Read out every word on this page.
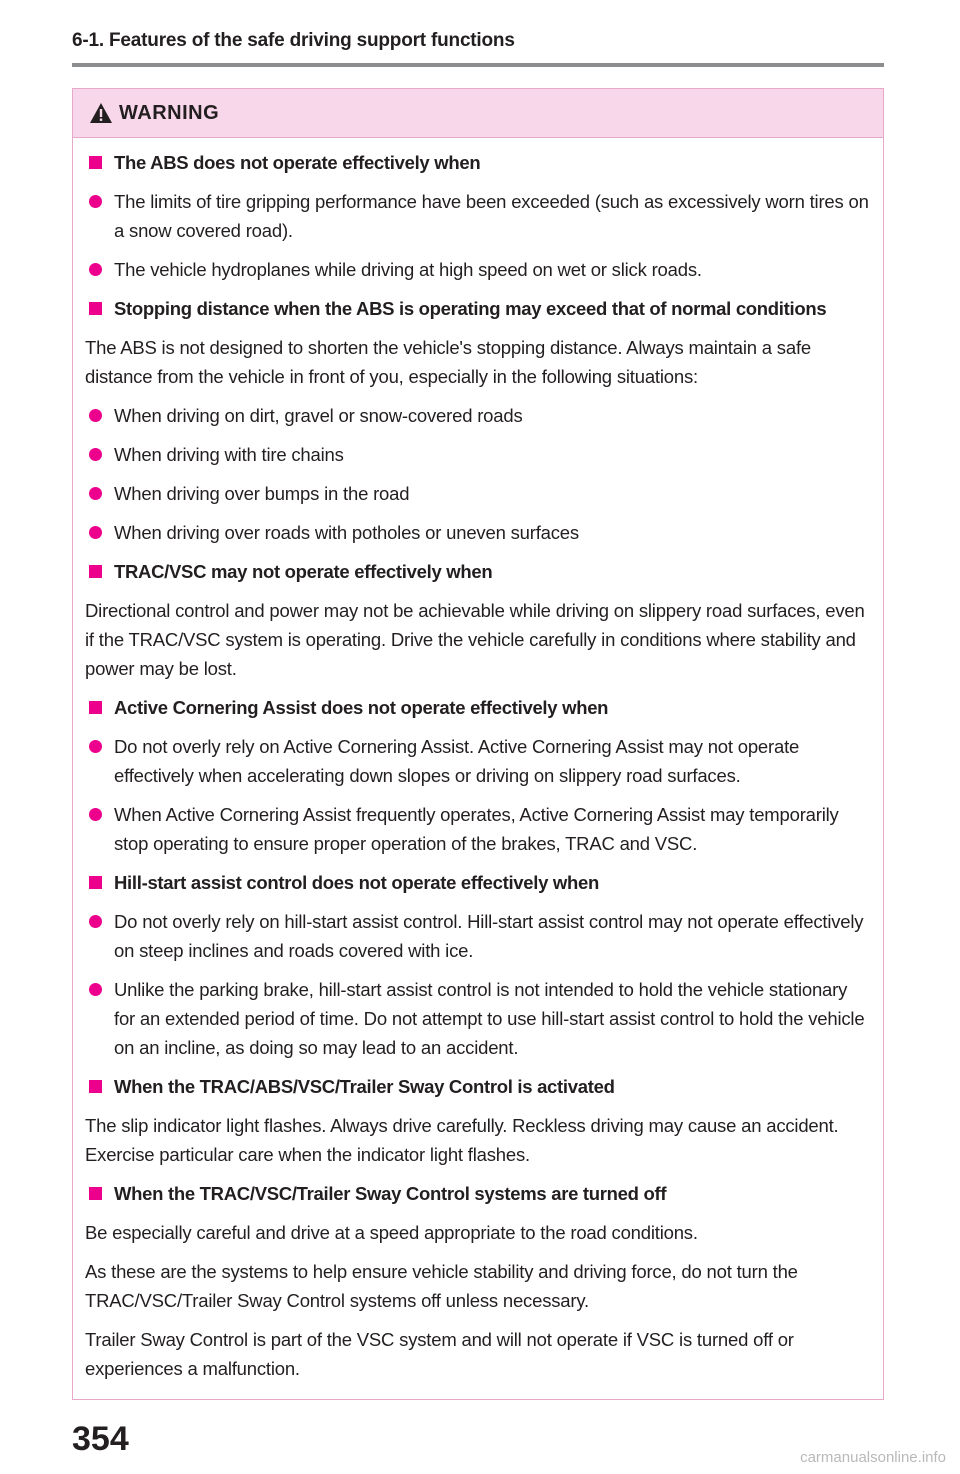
6-1. Features of the safe driving support functions
WARNING
The ABS does not operate effectively when
The limits of tire gripping performance have been exceeded (such as excessively worn tires on a snow covered road).
The vehicle hydroplanes while driving at high speed on wet or slick roads.
Stopping distance when the ABS is operating may exceed that of normal conditions
The ABS is not designed to shorten the vehicle's stopping distance. Always maintain a safe distance from the vehicle in front of you, especially in the following situations:
When driving on dirt, gravel or snow-covered roads
When driving with tire chains
When driving over bumps in the road
When driving over roads with potholes or uneven surfaces
TRAC/VSC may not operate effectively when
Directional control and power may not be achievable while driving on slippery road surfaces, even if the TRAC/VSC system is operating. Drive the vehicle carefully in conditions where stability and power may be lost.
Active Cornering Assist does not operate effectively when
Do not overly rely on Active Cornering Assist. Active Cornering Assist may not operate effectively when accelerating down slopes or driving on slippery road surfaces.
When Active Cornering Assist frequently operates, Active Cornering Assist may temporarily stop operating to ensure proper operation of the brakes, TRAC and VSC.
Hill-start assist control does not operate effectively when
Do not overly rely on hill-start assist control. Hill-start assist control may not operate effectively on steep inclines and roads covered with ice.
Unlike the parking brake, hill-start assist control is not intended to hold the vehicle stationary for an extended period of time. Do not attempt to use hill-start assist control to hold the vehicle on an incline, as doing so may lead to an accident.
When the TRAC/ABS/VSC/Trailer Sway Control is activated
The slip indicator light flashes. Always drive carefully. Reckless driving may cause an accident. Exercise particular care when the indicator light flashes.
When the TRAC/VSC/Trailer Sway Control systems are turned off
Be especially careful and drive at a speed appropriate to the road conditions.
As these are the systems to help ensure vehicle stability and driving force, do not turn the TRAC/VSC/Trailer Sway Control systems off unless necessary.
Trailer Sway Control is part of the VSC system and will not operate if VSC is turned off or experiences a malfunction.
354	carmanualsonline.info
